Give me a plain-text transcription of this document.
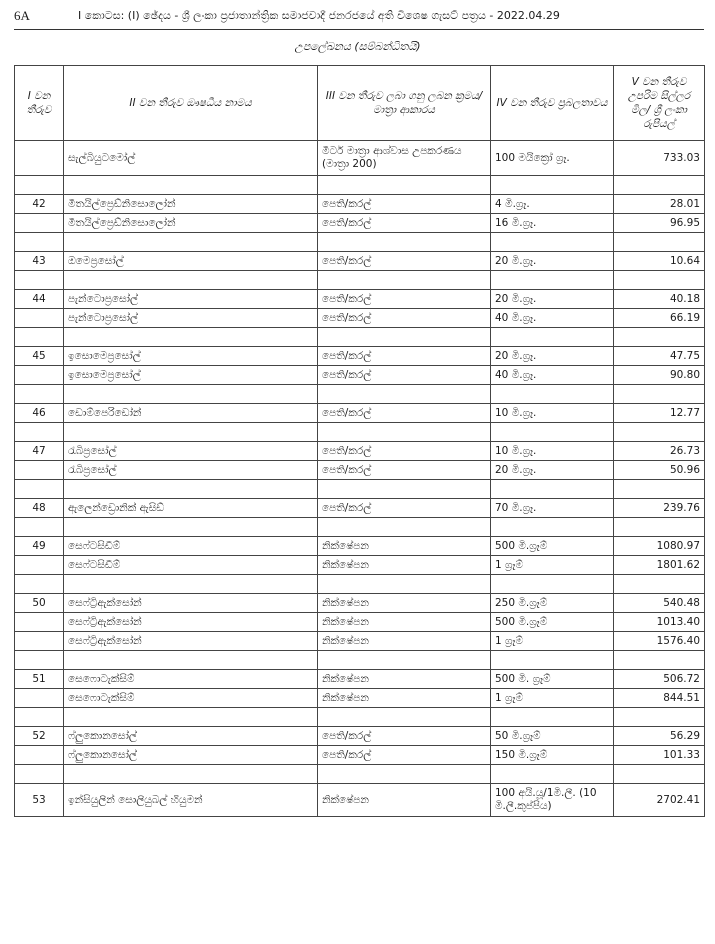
6A	I කොටස: (I) ඡේදය - ශ්‍රී ලංකා ප්‍රජාතාන්ත්‍රික සමාජවාදී ජනරජයේ අති විශෙෂ ගැසට් පත්‍රය - 2022.04.29
උපලේඛනය (සම්බන්ධිතයි)
I වන තීරුව	II වන තීරුව ඖෂධීය නාමය	III වන තීරුව ලබා ගනු ලබන ක්‍රමය/මාත්‍රා ආකාරය	IV වන තීරුව ප්‍රබලතාවය	V වන තීරුව උපරිම සිල්ලර මිල/ ශ්‍රී ලංකා රුපියල්
	සැල්බියුටමෝල්	මීටර් මාත්‍රා ආශ්වාස උපකරණය (මාත්‍රා 200)	100 මයික්‍රෝ ග්‍රෑ.	733.03

42	මීතයිල්ප්‍රෙඩ්නිසොලෝන්	පෙති/කරල්	4 මි.ග්‍රෑ.	28.01
	මීතයිල්ප්‍රෙඩ්නිසොලෝන්	පෙති/කරල්	16 මි.ග්‍රෑ.	96.95

43	ඔමෙප්‍රසෝල්	පෙති/කරල්	20 මි.ග්‍රෑ.	10.64

44	පැන්ටොප්‍රසෝල්	පෙති/කරල්	20 මි.ග්‍රෑ.	40.18
	පැන්ටොප්‍රසෝල්	පෙති/කරල්	40 මි.ග්‍රෑ.	66.19

45	ඉසොමෙප්‍රසෝල්	පෙති/කරල්	20 මි.ග්‍රෑ.	47.75
	ඉසොමෙප්‍රසෝල්	පෙති/කරල්	40 මි.ග්‍රෑ.	90.80

46	ඩොම්පෙරිඩෝන්	පෙති/කරල්	10 මි.ග්‍රෑ.	12.77

47	රැබිප්‍රසෝල්	පෙති/කරල්	10 මි.ග්‍රෑ.	26.73
	රැබිප්‍රසෝල්	පෙති/කරල්	20 මි.ග්‍රෑ.	50.96

48	ඇලෙන්ඩ්‍රොනික් ඇසිඩ්	පෙති/කරල්	70 මි.ග්‍රෑ.	239.76

49	සෙෆ්ටසිඩීම්	නික්ෂේපන	500 මි.ග්‍රෑම්	1080.97
	සෙෆ්ටසිඩීම්	නික්ෂේපන	1 ග්‍රෑම්	1801.62

50	සෙෆ්ට්‍රිඇක්සෝන්	නික්ෂේපන	250 මි.ග්‍රෑම්	540.48
	සෙෆ්ට්‍රිඇක්සෝන්	නික්ෂේපන	500 මි.ග්‍රෑම්	1013.40
	සෙෆ්ට්‍රිඇක්සෝන්	නික්ෂේපන	1 ග්‍රෑම්	1576.40

51	සෙෆොටැක්සිම්	නික්ෂේපන	500 මි. ග්‍රෑම්	506.72
	සෙෆොටැක්සිම්	නික්ෂේපන	1 ග්‍රෑම්	844.51

52	ෆ්ලුකොනසෝල්	පෙති/කරල්	50 මි.ග්‍රෑම්	56.29
	ෆ්ලුකොනසෝල්	පෙති/කරල්	150 මි.ග්‍රෑම්	101.33

53	ඉන්සියුලින් සොලියුබල් හියුමන්	නික්ෂේපන	100 අයි.යූ/1මි.ලී. (10 මි.ලී.කුප්පිය)	2702.41
